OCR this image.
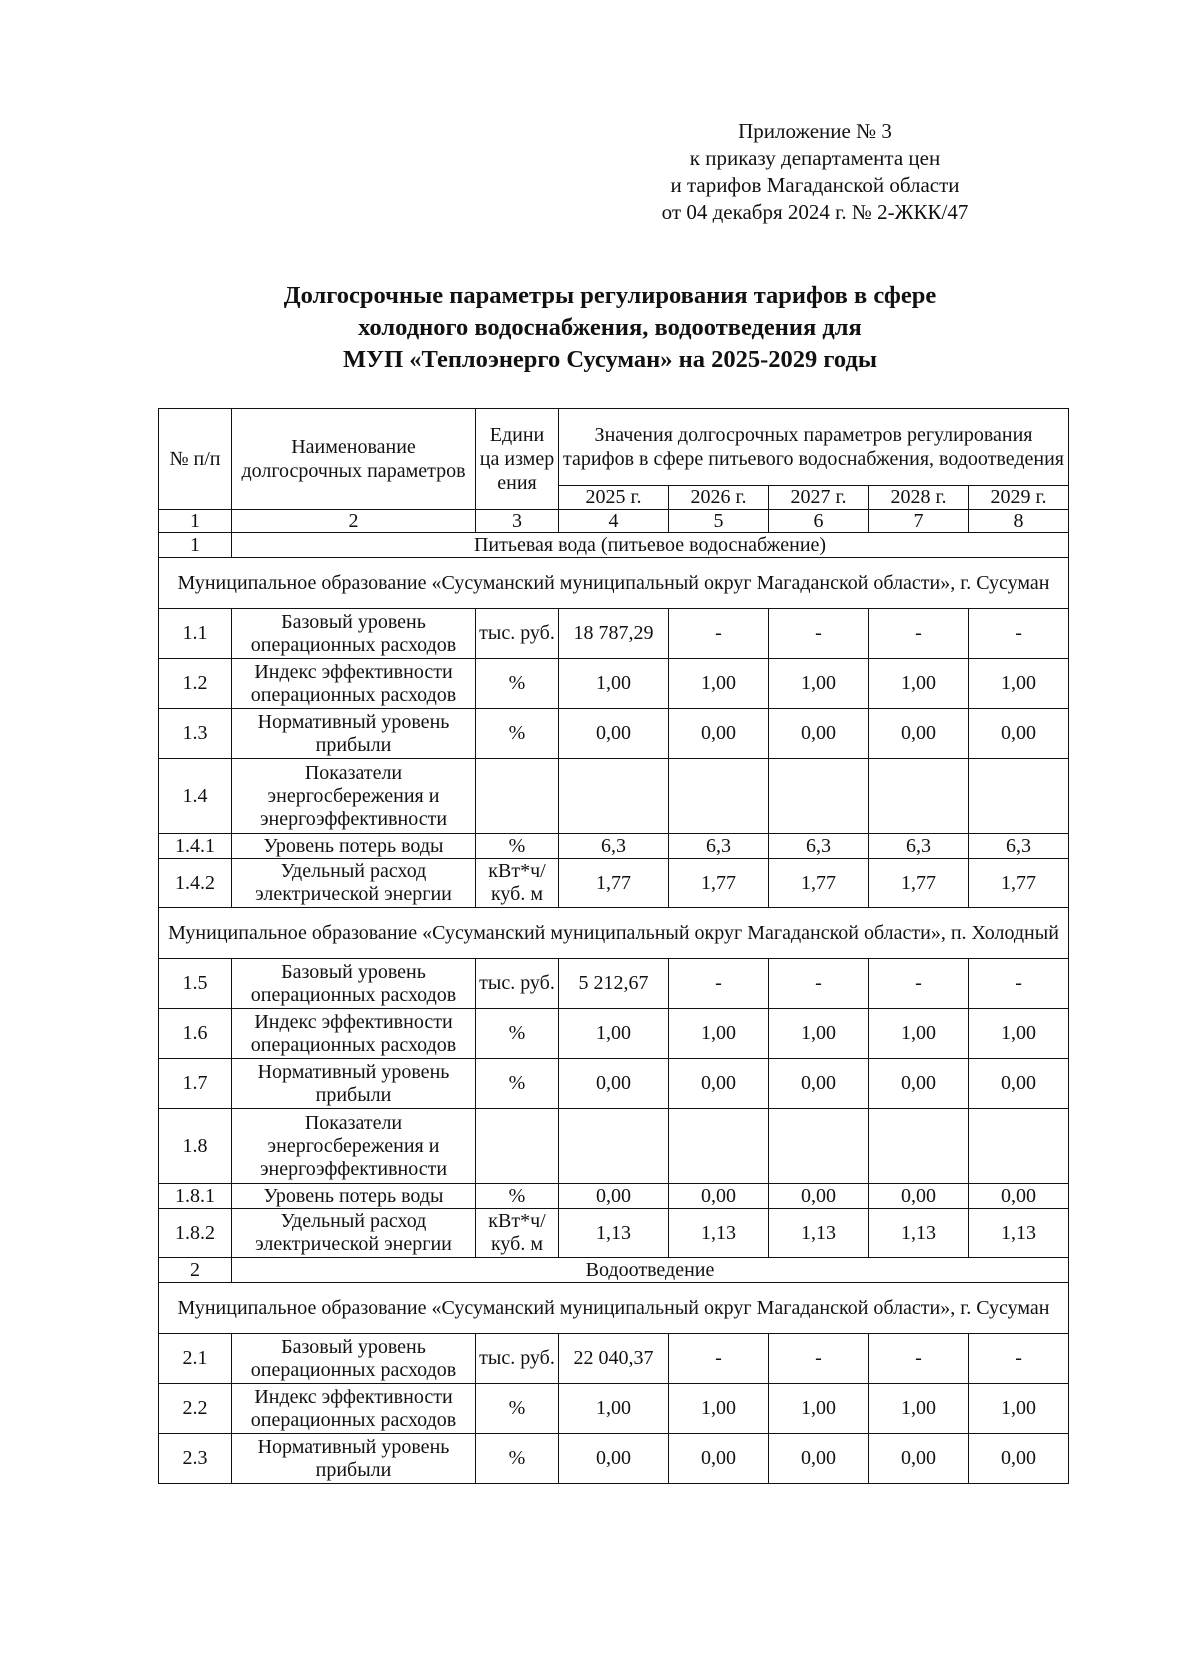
Приложение № 3
к приказу департамента цен
и тарифов Магаданской области
от 04 декабря 2024 г. № 2-ЖКК/47
Долгосрочные параметры регулирования тарифов в сфере
холодного водоснабжения, водоотведения для
МУП «Теплоэнерго Сусуман» на 2025-2029 годы
№ п/п	Наименование долгосрочных параметров	Едини ца измер ения	Значения долгосрочных параметров регулирования тарифов в сфере питьевого водоснабжения, водоотведения				
			2025 г.	2026 г.	2027 г.	2028 г.	2029 г.
1	2	3	4	5	6	7	8
1	Питьевая вода (питьевое водоснабжение)						
Муниципальное образование «Сусуманский муниципальный округ Магаданской области», г. Сусуман							
1.1	Базовый уровень операционных расходов	тыс. руб.	18 787,29	-	-	-	-
1.2	Индекс эффективности операционных расходов	%	1,00	1,00	1,00	1,00	1,00
1.3	Нормативный уровень прибыли	%	0,00	0,00	0,00	0,00	0,00
1.4	Показатели энергосбережения и энергоэффективности						
1.4.1	Уровень потерь воды	%	6,3	6,3	6,3	6,3	6,3
1.4.2	Удельный расход электрической энергии	кВт*ч/ куб. м	1,77	1,77	1,77	1,77	1,77
Муниципальное образование «Сусуманский муниципальный округ Магаданской области», п. Холодный							
1.5	Базовый уровень операционных расходов	тыс. руб.	5 212,67	-	-	-	-
1.6	Индекс эффективности операционных расходов	%	1,00	1,00	1,00	1,00	1,00
1.7	Нормативный уровень прибыли	%	0,00	0,00	0,00	0,00	0,00
1.8	Показатели энергосбережения и энергоэффективности						
1.8.1	Уровень потерь воды	%	0,00	0,00	0,00	0,00	0,00
1.8.2	Удельный расход электрической энергии	кВт*ч/ куб. м	1,13	1,13	1,13	1,13	1,13
2	Водоотведение						
Муниципальное образование «Сусуманский муниципальный округ Магаданской области», г. Сусуман							
2.1	Базовый уровень операционных расходов	тыс. руб.	22 040,37	-	-	-	-
2.2	Индекс эффективности операционных расходов	%	1,00	1,00	1,00	1,00	1,00
2.3	Нормативный уровень прибыли	%	0,00	0,00	0,00	0,00	0,00
